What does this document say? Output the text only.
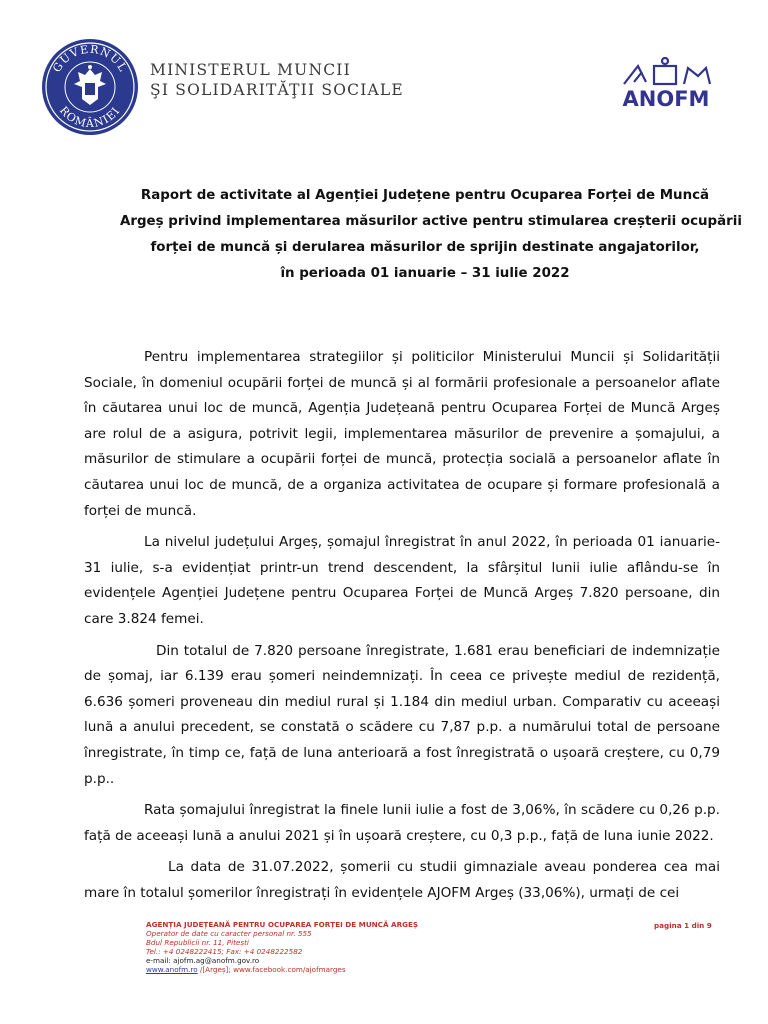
GUVERNUL
ROMÂNIEI
MINISTERUL MUNCII
ŞI SOLIDARITĂŢII SOCIALE	ANOFM
Raport de activitate al Agenției Județene pentru Ocuparea Forței de Muncă
Argeș privind implementarea măsurilor active pentru stimularea creșterii ocupării
forței de muncă și derularea măsurilor de sprijin destinate angajatorilor,
în perioada 01 ianuarie – 31 iulie 2022

Pentru implementarea strategiilor și politicilor Ministerului Muncii și Solidarității Sociale, în domeniul ocupării forței de muncă și al formării profesionale a persoanelor aflate în căutarea unui loc de muncă, Agenția Județeană pentru Ocuparea Forței de Muncă Argeș are rolul de a asigura, potrivit legii, implementarea măsurilor de prevenire a șomajului, a măsurilor de stimulare a ocupării forței de muncă, protecția socială a persoanelor aflate în căutarea unui loc de muncă, de a organiza activitatea de ocupare și formare profesională a forței de muncă.

La nivelul județului Argeș, șomajul înregistrat în anul 2022, în perioada 01 ianuarie-31 iulie, s-a evidențiat printr-un trend descendent, la sfârșitul lunii iulie aflându-se în evidențele Agenției Județene pentru Ocuparea Forței de Muncă Argeș 7.820 persoane, din care 3.824 femei.

Din totalul de 7.820 persoane înregistrate, 1.681 erau beneficiari de indemnizație de șomaj, iar 6.139 erau șomeri neindemnizați. În ceea ce privește mediul de rezidență, 6.636 șomeri proveneau din mediul rural și 1.184 din mediul urban. Comparativ cu aceeași lună a anului precedent, se constată o scădere cu 7,87 p.p. a numărului total de persoane înregistrate, în timp ce, față de luna anterioară a fost înregistrată o ușoară creștere, cu 0,79 p.p..

Rata șomajului înregistrat la finele lunii iulie a fost de 3,06%, în scădere cu 0,26 p.p. față de aceeași lună a anului 2021 și în ușoară creștere, cu 0,3 p.p., față de luna iunie 2022.

La data de 31.07.2022, șomerii cu studii gimnaziale aveau ponderea cea mai mare în totalul șomerilor înregistrați în evidențele AJOFM Argeș (33,06%), urmați de cei

AGENȚIA JUDEȚEANĂ PENTRU OCUPAREA FORȚEI DE MUNCĂ ARGEȘ
Operator de date cu caracter personal nr. 555
Bdul Republicii nr. 11, Pitești
Tel.: +4 0248222415; Fax: +4 0248222582
e-mail: ajofm.ag@anofm.gov.ro
www.anofm.ro /[Argeș]; www.facebook.com/ajofmarges
pagina 1 din 9
